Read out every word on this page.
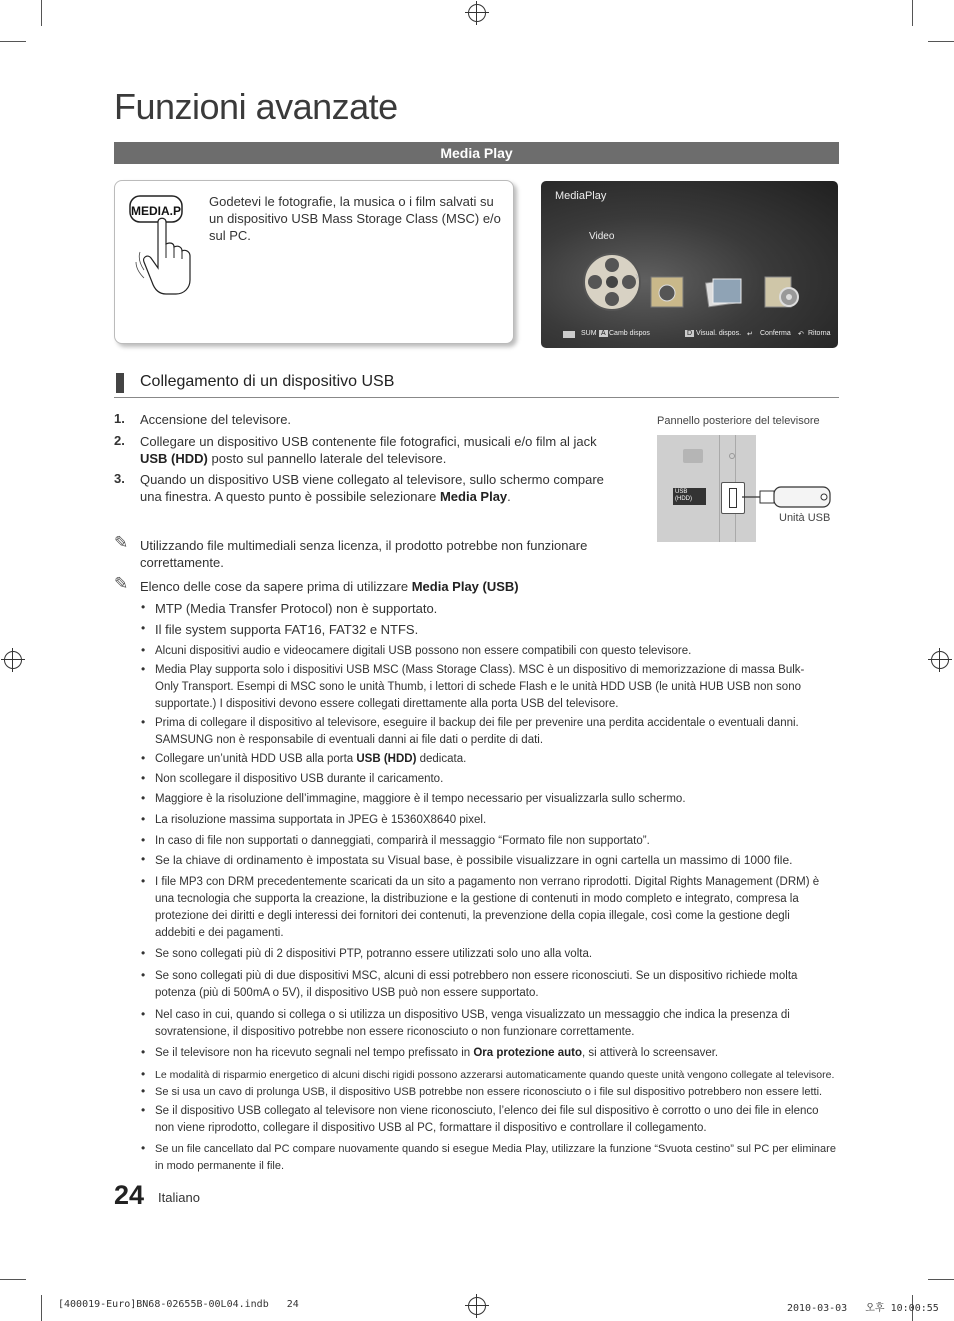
Funzioni avanzate
Media Play
MEDIA.P
Godetevi le fotografie, la musica o i film salvati su un dispositivo USB Mass Storage Class (MSC) e/o sul PC.
MediaPlay
Video
›
SUM A Camb dispos	D Visual. dispos. ↵ Conferma ↶ Ritorna
Collegamento di un dispositivo USB
1. Accensione del televisore.
2. Collegare un dispositivo USB contenente file fotografici, musicali e/o film al jack USB (HDD) posto sul pannello laterale del televisore.
3. Quando un dispositivo USB viene collegato al televisore, sullo schermo compare una finestra. A questo punto è possibile selezionare Media Play.
Pannello posteriore del televisore
USB
(HDD)
Unità USB
✎ Utilizzando file multimediali senza licenza, il prodotto potrebbe non funzionare correttamente.
✎ Elenco delle cose da sapere prima di utilizzare Media Play (USB)
• MTP (Media Transfer Protocol) non è supportato.
• Il file system supporta FAT16, FAT32 e NTFS.
• Alcuni dispositivi audio e videocamere digitali USB possono non essere compatibili con questo televisore.
• Media Play supporta solo i dispositivi USB MSC (Mass Storage Class). MSC è un dispositivo di memorizzazione di massa Bulk-Only Transport. Esempi di MSC sono le unità Thumb, i lettori di schede Flash e le unità HDD USB (le unità HUB USB non sono supportate.) I dispositivi devono essere collegati direttamente alla porta USB del televisore.
• Prima di collegare il dispositivo al televisore, eseguire il backup dei file per prevenire una perdita accidentale o eventuali danni. SAMSUNG non è responsabile di eventuali danni ai file dati o perdite di dati.
• Collegare un’unità HDD USB alla porta USB (HDD) dedicata.
• Non scollegare il dispositivo USB durante il caricamento.
• Maggiore è la risoluzione dell’immagine, maggiore è il tempo necessario per visualizzarla sullo schermo.
• La risoluzione massima supportata in JPEG è 15360X8640 pixel.
• In caso di file non supportati o danneggiati, comparirà il messaggio “Formato file non supportato”.
• Se la chiave di ordinamento è impostata su Visual base, è possibile visualizzare in ogni cartella un massimo di 1000 file.
• I file MP3 con DRM precedentemente scaricati da un sito a pagamento non verrano riprodotti. Digital Rights Management (DRM) è una tecnologia che supporta la creazione, la distribuzione e la gestione di contenuti in modo completo e integrato, compresa la protezione dei diritti e degli interessi dei fornitori dei contenuti, la prevenzione della copia illegale, così come la gestione degli addebiti e dei pagamenti.
• Se sono collegati più di 2 dispositivi PTP, potranno essere utilizzati solo uno alla volta.
• Se sono collegati più di due dispositivi MSC, alcuni di essi potrebbero non essere riconosciuti. Se un dispositivo richiede molta potenza (più di 500mA o 5V), il dispositivo USB può non essere supportato.
• Nel caso in cui, quando si collega o si utilizza un dispositivo USB, venga visualizzato un messaggio che indica la presenza di sovratensione, il dispositivo potrebbe non essere riconosciuto o non funzionare correttamente.
• Se il televisore non ha ricevuto segnali nel tempo prefissato in Ora protezione auto, si attiverà lo screensaver.
• Le modalità di risparmio energetico di alcuni dischi rigidi possono azzerarsi automaticamente quando queste unità vengono collegate al televisore.
• Se si usa un cavo di prolunga USB, il dispositivo USB potrebbe non essere riconosciuto o i file sul dispositivo potrebbero non essere letti.
• Se il dispositivo USB collegato al televisore non viene riconosciuto, l’elenco dei file sul dispositivo è corrotto o uno dei file in elenco non viene riprodotto, collegare il dispositivo USB al PC, formattare il dispositivo e controllare il collegamento.
• Se un file cancellato dal PC compare nuovamente quando si esegue Media Play, utilizzare la funzione “Svuota cestino” sul PC per eliminare in modo permanente il file.
24 Italiano
[400019-Euro]BN68-02655B-00L04.indb   24	2010-03-03   오후 10:00:55
